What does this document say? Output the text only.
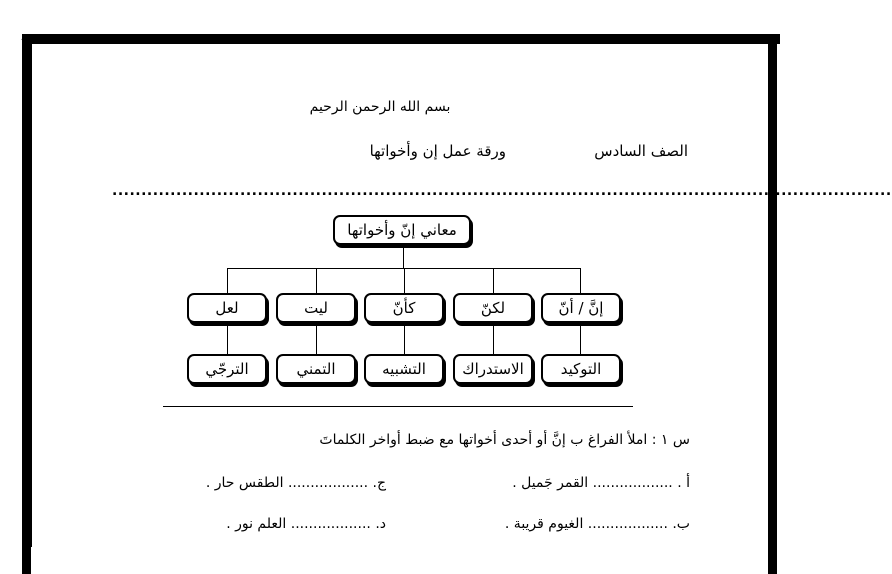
بسم الله الرحمن الرحيم
الصف السادس
ورقة عمل إن وأخواتها
......................................................................................................................................
معاني إنّ وأخواتها
إنَّ / أنّ
لكنّ
كأنّ
ليت
لعل
التوكيد
الاستدراك
التشبيه
التمني
الترجّي
س ١ : املأ الفراغ ب إنَّ أو أحدى أخواتها مع ضبط أواخر الكلماتَ
أ . .................. القمر جَميل .
ج. .................. الطقس حار .
ب. .................. الغيوم قريبة .
د. .................. العلم نور .
